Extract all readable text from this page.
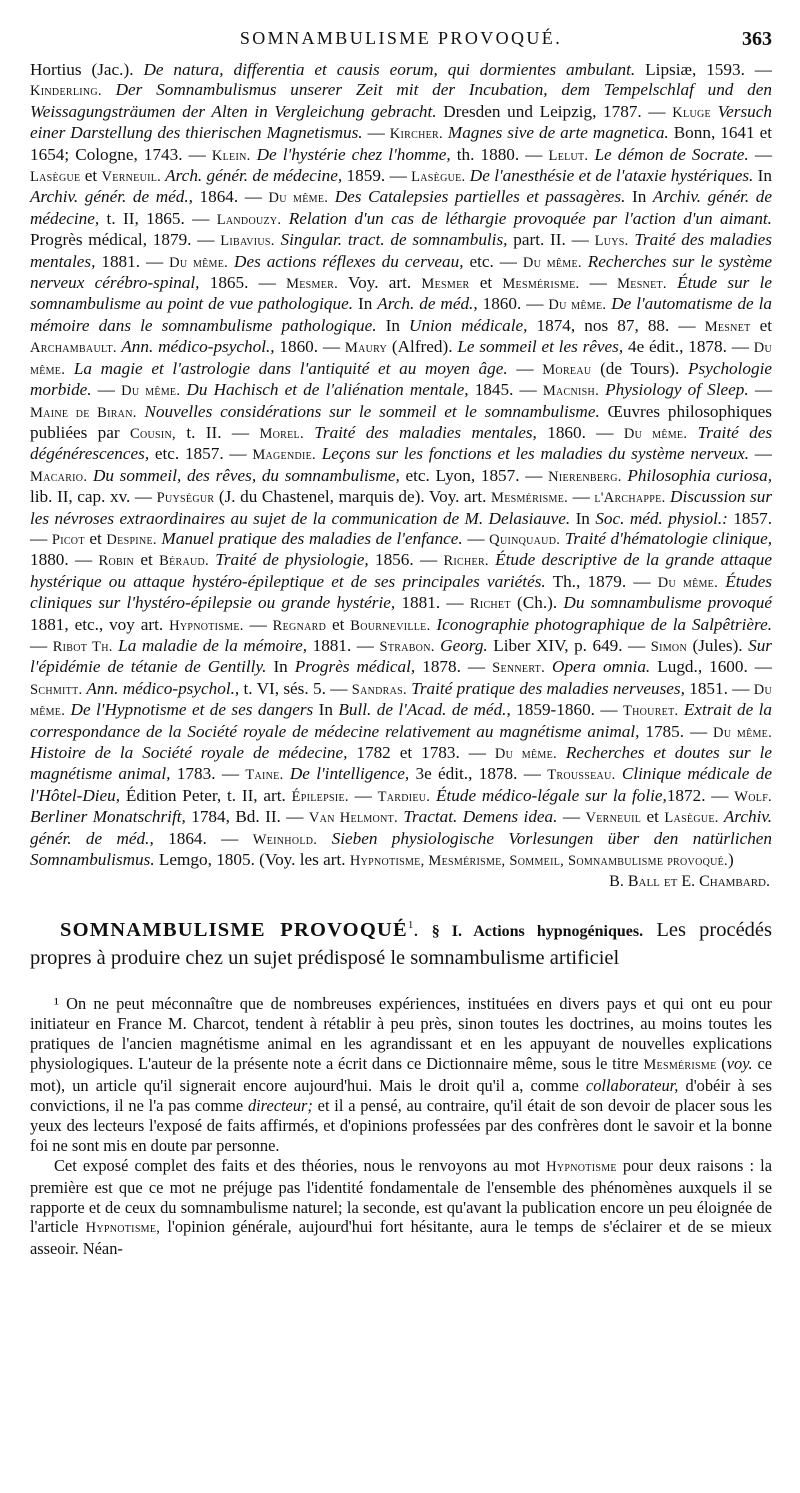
SOMNAMBULISME PROVOQUÉ.	363

Hortius (Jac.). De natura, differentia et causis eorum, qui dormientes ambulant. Lipsiæ, 1593. — Kinderling. Der Somnambulismus unserer Zeit mit der Incubation, dem Tempelschlaf und den Weissagungsträumen der Alten in Vergleichung gebracht. Dresden und Leipzig, 1787. — Kluge Versuch einer Darstellung des thierischen Magnetismus. — Kircher. Magnes sive de arte magnetica. Bonn, 1641 et 1654; Cologne, 1743. — Klein. De l'hystérie chez l'homme, th. 1880. — Lelut. Le démon de Socrate. — Lasègue et Verneuil. Arch. génér. de médecine, 1859. — Lasègue. De l'anesthésie et de l'ataxie hystériques. In Archiv. génér. de méd., 1864. — Du même. Des Catalepsies partielles et passagères. In Archiv. génér. de médecine, t. II, 1865. — Landouzy. Relation d'un cas de léthargie provoquée par l'action d'un aimant. Progrès médical, 1879. — Libavius. Singular. tract. de somnambulis, part. II. — Luys. Traité des maladies mentales, 1881. — Du même. Des actions réflexes du cerveau, etc. — Du même. Recherches sur le système nerveux cérébro-spinal, 1865. — Mesmer. Voy. art. Mesmer et Mesmérisme. — Mesnet. Étude sur le somnambulisme au point de vue pathologique. In Arch. de méd., 1860. — Du même. De l'automatisme de la mémoire dans le somnambulisme pathologique. In Union médicale, 1874, nos 87, 88. — Mesnet et Archambault. Ann. médico-psychol., 1860. — Maury (Alfred). Le sommeil et les rêves, 4e édit., 1878. — Du même. La magie et l'astrologie dans l'antiquité et au moyen âge. — Moreau (de Tours). Psychologie morbide. — Du même. Du Hachisch et de l'aliénation mentale, 1845. — Macnish. Physiology of Sleep. — Maine de Biran. Nouvelles considérations sur le sommeil et le somnambulisme. Œuvres philosophiques publiées par Cousin, t. II. — Morel. Traité des maladies mentales, 1860. — Du même. Traité des dégénérescences, etc. 1857. — Magendie. Leçons sur les fonctions et les maladies du système nerveux. — Macario. Du sommeil, des rêves, du somnambulisme, etc. Lyon, 1857. — Nierenberg. Philosophia curiosa, lib. II, cap. xv. — Puységur (J. du Chastenel, marquis de). Voy. art. Mesmérisme. — l'Archappe. Discussion sur les névroses extraordinaires au sujet de la communication de M. Delasiauve. In Soc. méd. physiol.: 1857. — Picot et Despine. Manuel pratique des maladies de l'enfance. — Quinquaud. Traité d'hématologie clinique, 1880. — Robin et Béraud. Traité de physiologie, 1856. — Richer. Étude descriptive de la grande attaque hystérique ou attaque hystéro-épileptique et de ses principales variétés. Th., 1879. — Du même. Études cliniques sur l'hystéro-épilepsie ou grande hystérie, 1881. — Richet (Ch.). Du somnambulisme provoqué 1881, etc., voy art. Hypnotisme. — Regnard et Bourneville. Iconographie photographique de la Salpêtrière. — Ribot Th. La maladie de la mémoire, 1881. — Strabon. Georg. Liber XIV, p. 649. — Simon (Jules). Sur l'épidémie de tétanie de Gentilly. In Progrès médical, 1878. — Sennert. Opera omnia. Lugd., 1600. — Schmitt. Ann. médico-psychol., t. VI, sés. 5. — Sandras. Traité pratique des maladies nerveuses, 1851. — Du même. De l'Hypnotisme et de ses dangers In Bull. de l'Acad. de méd., 1859-1860. — Thouret. Extrait de la correspondance de la Société royale de médecine relativement au magnétisme animal, 1785. — Du même. Histoire de la Société royale de médecine, 1782 et 1783. — Du même. Recherches et doutes sur le magnétisme animal, 1783. — Taine. De l'intelligence, 3e édit., 1878. — Trousseau. Clinique médicale de l'Hôtel-Dieu, Édition Peter, t. II, art. Épilepsie. — Tardieu. Étude médico-légale sur la folie,1872. — Wolf. Berliner Monatschrift, 1784, Bd. II. — Van Helmont. Tractat. Demens idea. — Verneuil et Lasègue. Archiv. génér. de méd., 1864. — Weinhold. Sieben physiologische Vorlesungen über den natürlichen Somnambulismus. Lemgo, 1805. (Voy. les art. Hypnotisme, Mesmérisme, Sommeil, Somnambulisme provoqué.)

B. Ball et E. Chambard.

SOMNAMBULISME PROVOQUÉ$^1$. § I. Actions hypnogéniques. Les procédés propres à produire chez un sujet prédisposé le somnambulisme artificiel

¹ On ne peut méconnaître que de nombreuses expériences, instituées en divers pays et qui ont eu pour initiateur en France M. Charcot, tendent à rétablir à peu près, sinon toutes les doctrines, au moins toutes les pratiques de l'ancien magnétisme animal en les agrandissant et en les appuyant de nouvelles explications physiologiques. L'auteur de la présente note a écrit dans ce Dictionnaire même, sous le titre Mesmérisme (voy. ce mot), un article qu'il signerait encore aujourd'hui. Mais le droit qu'il a, comme collaborateur, d'obéir à ses convictions, il ne l'a pas comme directeur; et il a pensé, au contraire, qu'il était de son devoir de placer sous les yeux des lecteurs l'exposé de faits affirmés, et d'opinions professées par des confrères dont le savoir et la bonne foi ne sont mis en doute par personne.

Cet exposé complet des faits et des théories, nous le renvoyons au mot Hypnotisme pour deux raisons : la première est que ce mot ne préjuge pas l'identité fondamentale de l'ensemble des phénomènes auxquels il se rapporte et de ceux du somnambulisme naturel; la seconde, est qu'avant la publication encore un peu éloignée de l'article Hypnotisme, l'opinion générale, aujourd'hui fort hésitante, aura le temps de s'éclairer et de se mieux asseoir. Néan-
